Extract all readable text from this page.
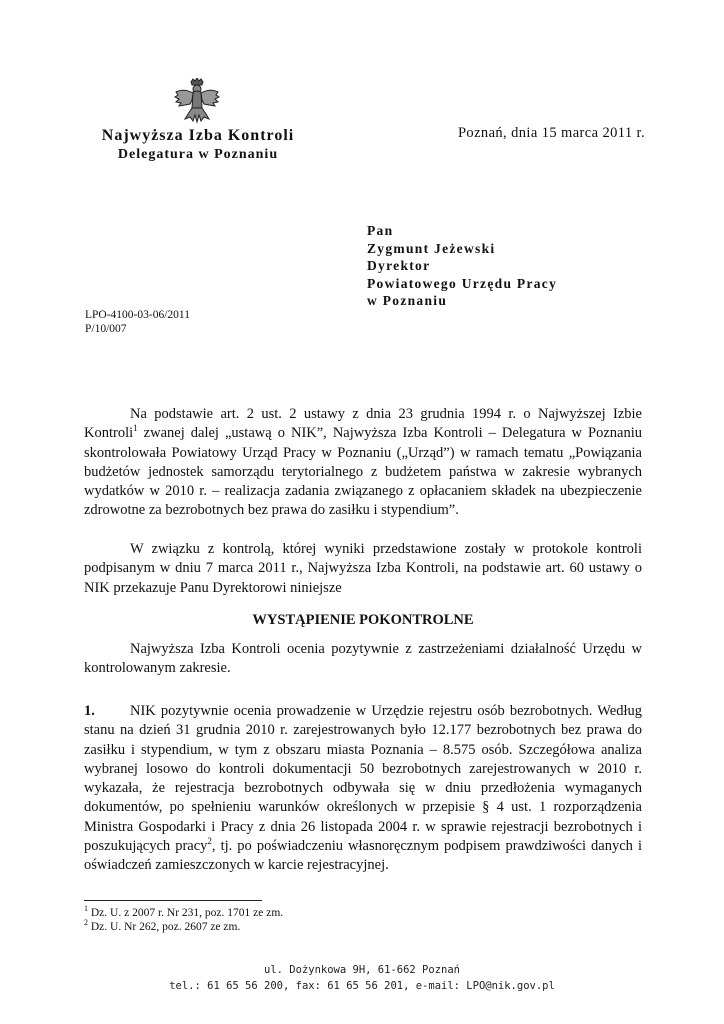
Najwyższa Izba Kontroli
Delegatura w Poznaniu
Poznań, dnia 15 marca 2011 r.
Pan
Zygmunt Jeżewski
Dyrektor
Powiatowego Urzędu Pracy
w Poznaniu
LPO-4100-03-06/2011
P/10/007
Na podstawie art. 2 ust. 2 ustawy z dnia 23 grudnia 1994 r. o Najwyższej Izbie Kontroli$^1$ zwanej dalej „ustawą o NIK”, Najwyższa Izba Kontroli – Delegatura w Poznaniu skontrolowała Powiatowy Urząd Pracy w Poznaniu („Urząd”) w ramach tematu „Powiązania budżetów jednostek samorządu terytorialnego z budżetem państwa w zakresie wybranych wydatków w 2010 r. – realizacja zadania związanego z opłacaniem składek na ubezpieczenie zdrowotne za bezrobotnych bez prawa do zasiłku i stypendium”.
W związku z kontrolą, której wyniki przedstawione zostały w protokole kontroli podpisanym w dniu 7 marca 2011 r., Najwyższa Izba Kontroli, na podstawie art. 60 ustawy o NIK przekazuje Panu Dyrektorowi niniejsze
WYSTĄPIENIE POKONTROLNE
Najwyższa Izba Kontroli ocenia pozytywnie z zastrzeżeniami działalność Urzędu w kontrolowanym zakresie.
1. NIK pozytywnie ocenia prowadzenie w Urzędzie rejestru osób bezrobotnych. Według stanu na dzień 31 grudnia 2010 r. zarejestrowanych było 12.177 bezrobotnych bez prawa do zasiłku i stypendium, w tym z obszaru miasta Poznania – 8.575 osób. Szczegółowa analiza wybranej losowo do kontroli dokumentacji 50 bezrobotnych zarejestrowanych w 2010 r. wykazała, że rejestracja bezrobotnych odbywała się w dniu przedłożenia wymaganych dokumentów, po spełnieniu warunków określonych w przepisie § 4 ust. 1 rozporządzenia Ministra Gospodarki i Pracy z dnia 26 listopada 2004 r. w sprawie rejestracji bezrobotnych i poszukujących pracy$^2$, tj. po poświadczeniu własnoręcznym podpisem prawdziwości danych i oświadczeń zamieszczonych w karcie rejestracyjnej.
$^1$ Dz. U. z 2007 r. Nr 231, poz. 1701 ze zm.
$^2$ Dz. U. Nr 262, poz. 2607 ze zm.
ul. Dożynkowa 9H, 61-662 Poznań
tel.: 61 65 56 200, fax: 61 65 56 201, e-mail: LPO@nik.gov.pl
